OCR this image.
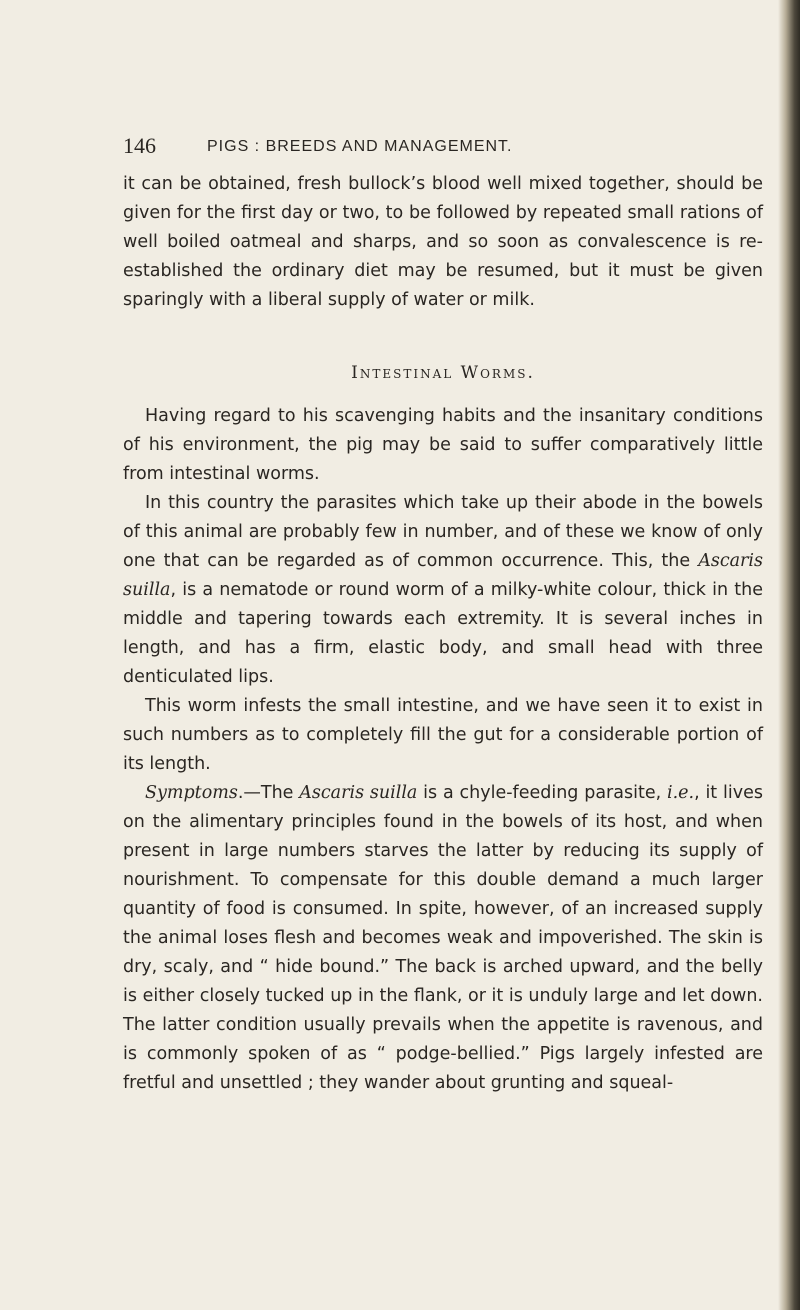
146	PIGS : BREEDS AND MANAGEMENT.

it can be obtained, fresh bullock’s blood well mixed together, should be given for the first day or two, to be followed by repeated small rations of well boiled oatmeal and sharps, and so soon as convalescence is re-established the ordinary diet may be resumed, but it must be given sparingly with a liberal supply of water or milk.

Intestinal Worms.

Having regard to his scavenging habits and the insanitary conditions of his environment, the pig may be said to suffer comparatively little from intestinal worms.

In this country the parasites which take up their abode in the bowels of this animal are probably few in number, and of these we know of only one that can be regarded as of common occurrence. This, the Ascaris suilla, is a nematode or round worm of a milky-white colour, thick in the middle and tapering towards each extremity. It is several inches in length, and has a firm, elastic body, and small head with three denticulated lips.

This worm infests the small intestine, and we have seen it to exist in such numbers as to completely fill the gut for a considerable portion of its length.

Symptoms.—The Ascaris suilla is a chyle-feeding parasite, i.e., it lives on the alimentary principles found in the bowels of its host, and when present in large numbers starves the latter by reducing its supply of nourishment. To compensate for this double demand a much larger quantity of food is consumed. In spite, however, of an increased supply the animal loses flesh and becomes weak and impoverished. The skin is dry, scaly, and “ hide bound.” The back is arched upward, and the belly is either closely tucked up in the flank, or it is unduly large and let down. The latter condition usually prevails when the appetite is ravenous, and is commonly spoken of as “ podge-bellied.” Pigs largely infested are fretful and unsettled ; they wander about grunting and squeal-
